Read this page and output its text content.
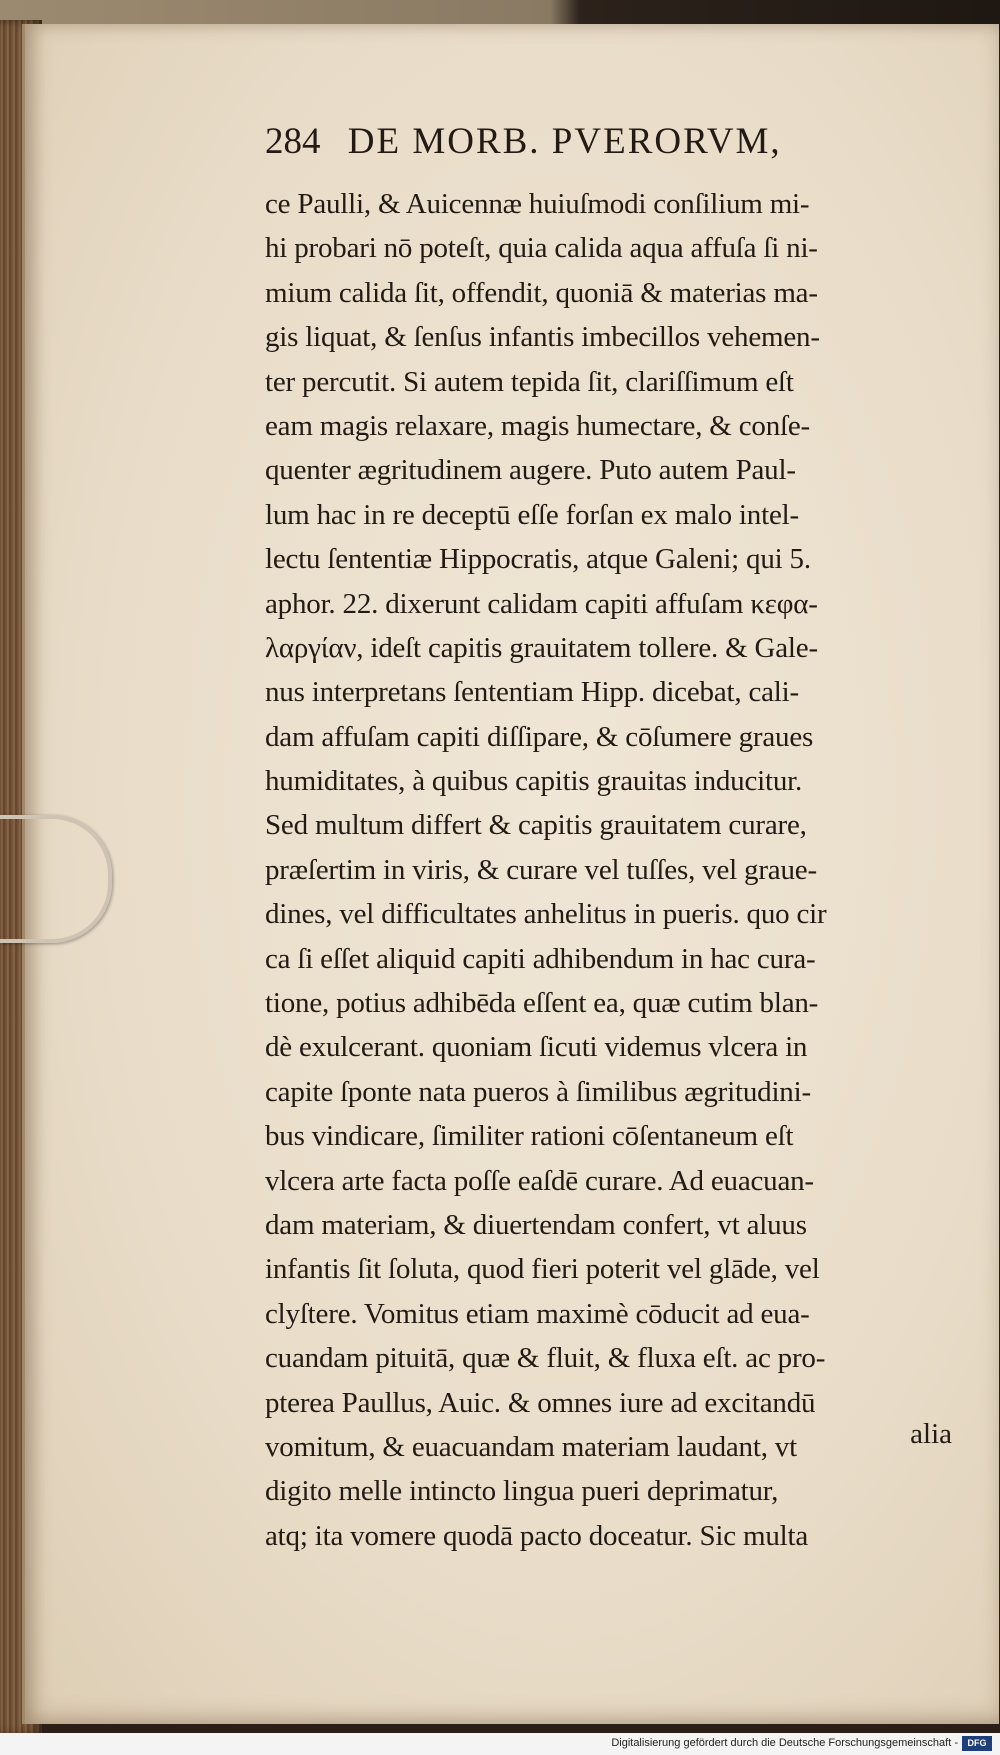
284 DE MORB. PVERORVM,
ce Paulli, & Auicennæ huiuſmodi conſilium mi-
hi probari nō poteſt, quia calida aqua affuſa ſi ni-
mium calida ſit, offendit, quoniā & materias ma-
gis liquat, & ſenſus infantis imbecillos vehemen-
ter percutit. Si autem tepida ſit, clariſſimum eſt
eam magis relaxare, magis humectare, & conſe-
quenter ægritudinem augere. Puto autem Paul-
lum hac in re deceptū eſſe forſan ex malo intel-
lectu ſententiæ Hippocratis, atque Galeni; qui 5.
aphor. 22. dixerunt calidam capiti affuſam κεφα-
λαργίαν, ideſt capitis grauitatem tollere. & Gale-
nus interpretans ſententiam Hipp. dicebat, cali-
dam affuſam capiti diſſipare, & cōſumere graues
humiditates, à quibus capitis grauitas inducitur.
Sed multum differt & capitis grauitatem curare,
præſertim in viris, & curare vel tuſſes, vel graue-
dines, vel difficultates anhelitus in pueris. quo cir
ca ſi eſſet aliquid capiti adhibendum in hac cura-
tione, potius adhibēda eſſent ea, quæ cutim blan-
dè exulcerant. quoniam ſicuti videmus vlcera in
capite ſponte nata pueros à ſimilibus ægritudini-
bus vindicare, ſimiliter rationi cōſentaneum eſt
vlcera arte facta poſſe eaſdē curare. Ad euacuan-
dam materiam, & diuertendam confert, vt aluus
infantis ſit ſoluta, quod fieri poterit vel glāde, vel
clyſtere. Vomitus etiam maximè cōducit ad eua-
cuandam pituitā, quæ & fluit, & fluxa eſt. ac pro-
pterea Paullus, Auic. & omnes iure ad excitandū
vomitum, & euacuandam materiam laudant, vt
digito melle intincto lingua pueri deprimatur,
atq; ita vomere quodā pacto doceatur. Sic multa
alia
Digitalisierung gefördert durch die Deutsche Forschungsgemeinschaft -	DFG
